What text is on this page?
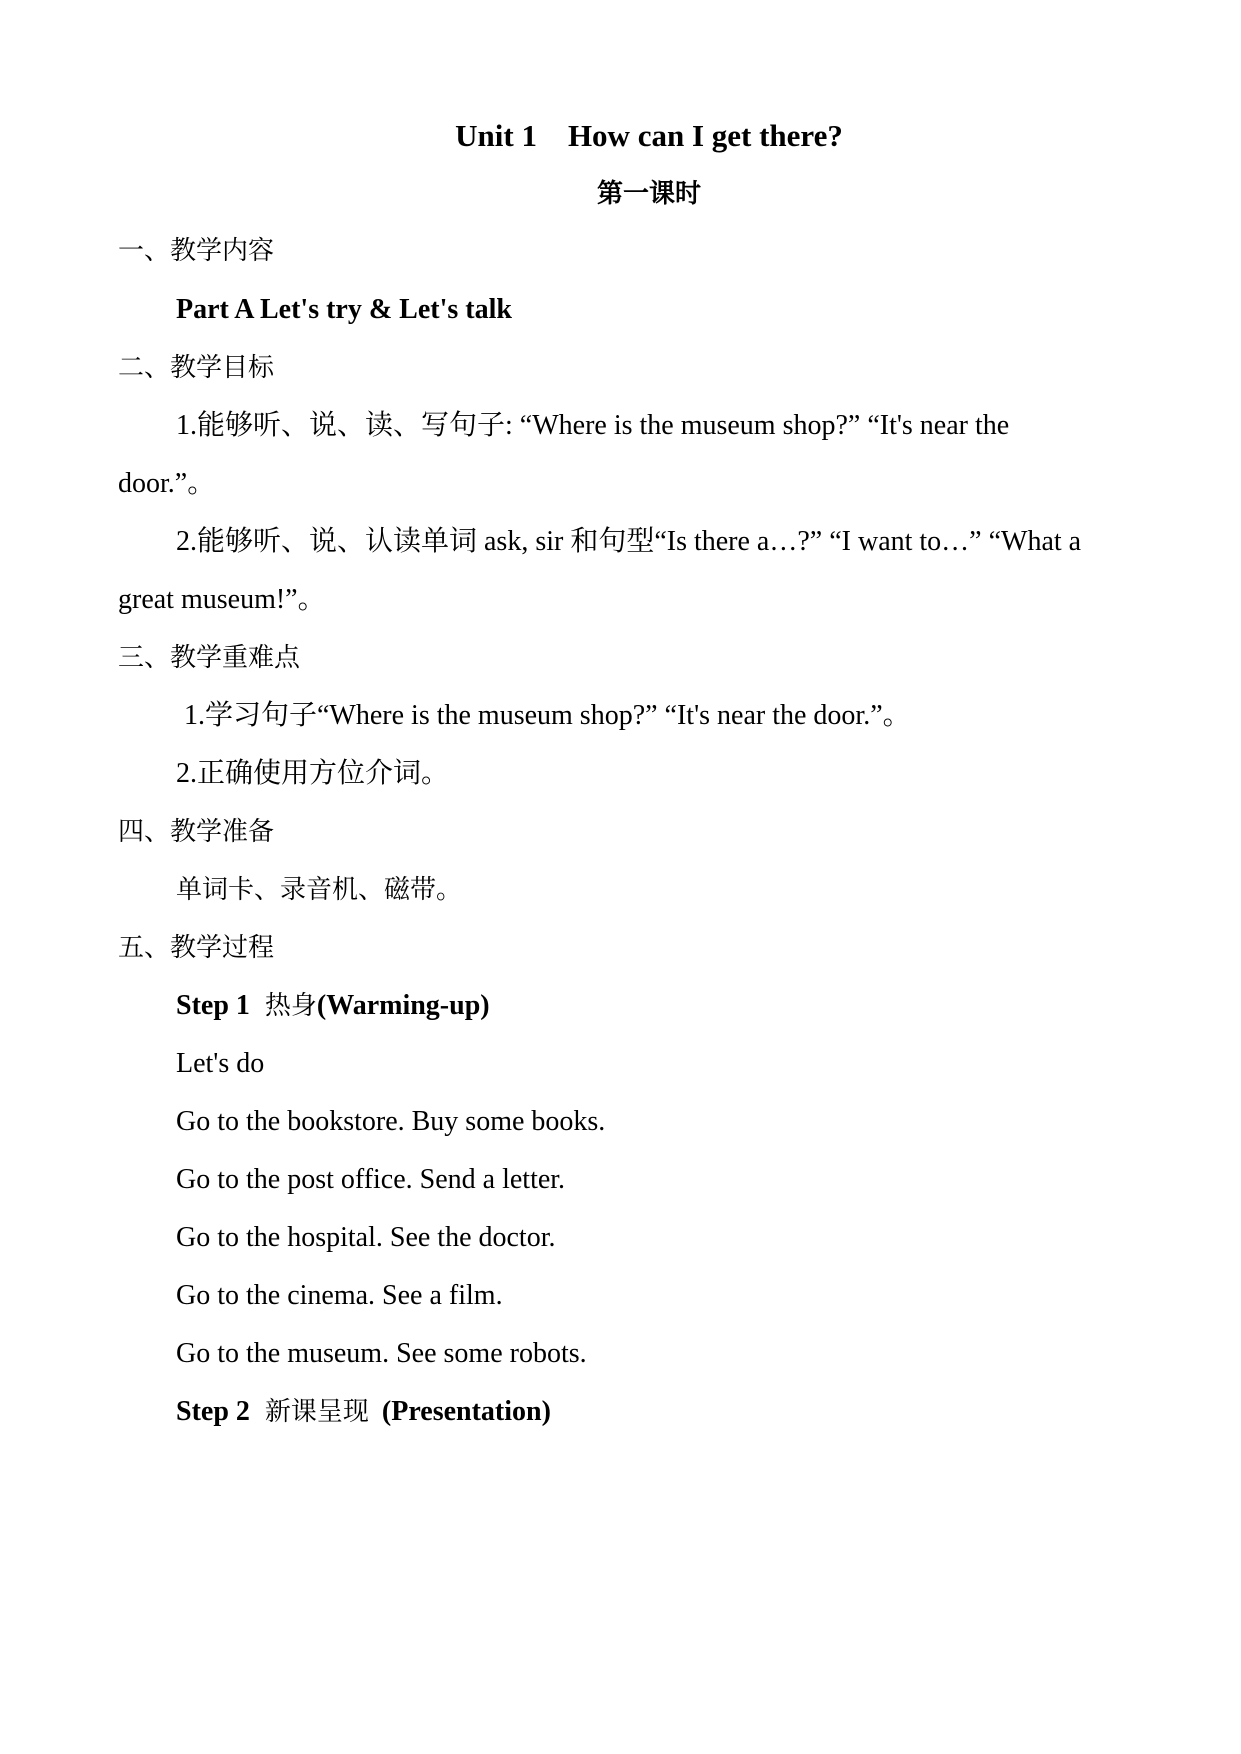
Unit 1    How can I get there?
第一课时
一、教学内容
Part A Let's try & Let's talk
二、教学目标
1.能够听、说、读、写句子: “Where is the museum shop?” “It's near the
door.”。
2.能够听、说、认读单词 ask, sir 和句型“Is there a…?” “I want to…” “What a
great museum!”。
三、教学重难点
1.学习句子“Where is the museum shop?” “It's near the door.”。
2.正确使用方位介词。
四、教学准备
单词卡、录音机、磁带。
五、教学过程
Step 1 热身(Warming-up)
Let's do
Go to the bookstore. Buy some books.
Go to the post office. Send a letter.
Go to the hospital. See the doctor.
Go to the cinema. See a film.
Go to the museum. See some robots.
Step 2 新课呈现 (Presentation)
